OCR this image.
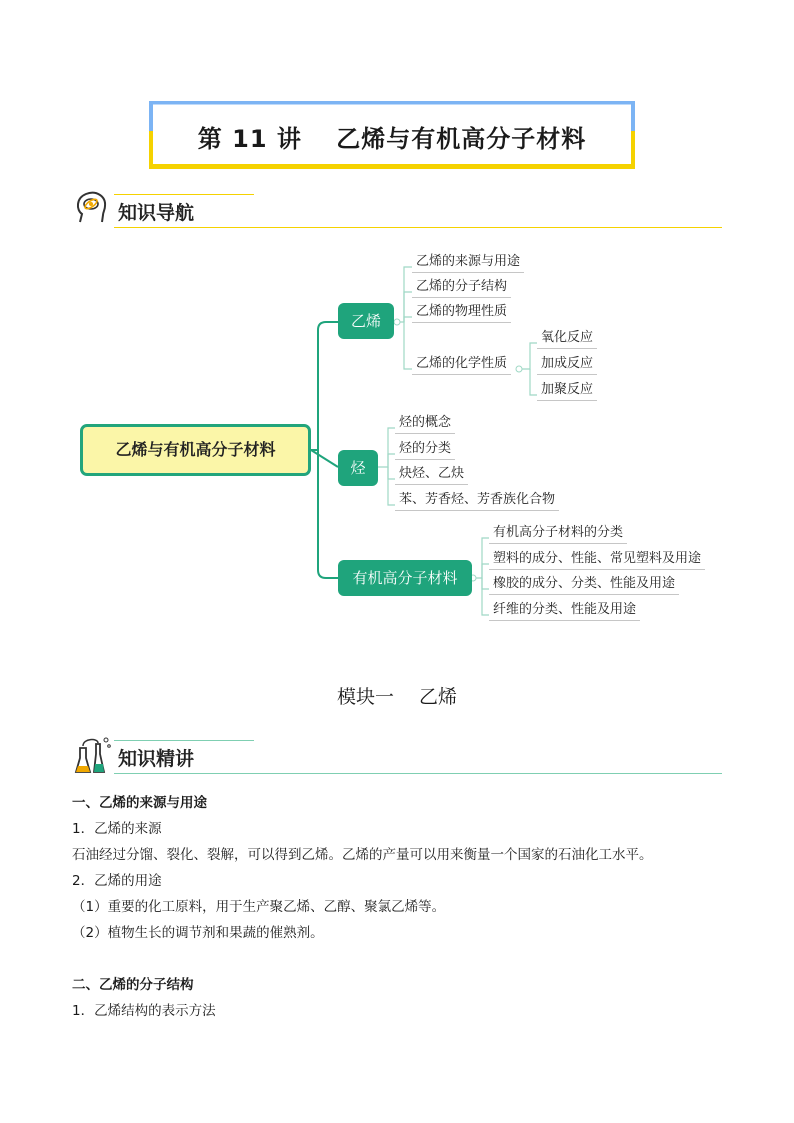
第 11 讲　 乙烯与有机高分子材料
知识导航
乙烯与有机高分子材料
乙烯
烃
有机高分子材料
乙烯的来源与用途
乙烯的分子结构
乙烯的物理性质
乙烯的化学性质
氧化反应
加成反应
加聚反应
烃的概念
烃的分类
炔烃、乙炔
苯、芳香烃、芳香族化合物
有机高分子材料的分类
塑料的成分、性能、常见塑料及用途
橡胶的成分、分类、性能及用途
纤维的分类、性能及用途
模块一　 乙烯
知识精讲
一、乙烯的来源与用途
1．乙烯的来源
石油经过分馏、裂化、裂解，可以得到乙烯。乙烯的产量可以用来衡量一个国家的石油化工水平。
2．乙烯的用途
（1）重要的化工原料，用于生产聚乙烯、乙醇、聚氯乙烯等。
（2）植物生长的调节剂和果蔬的催熟剂。
二、乙烯的分子结构
1．乙烯结构的表示方法
